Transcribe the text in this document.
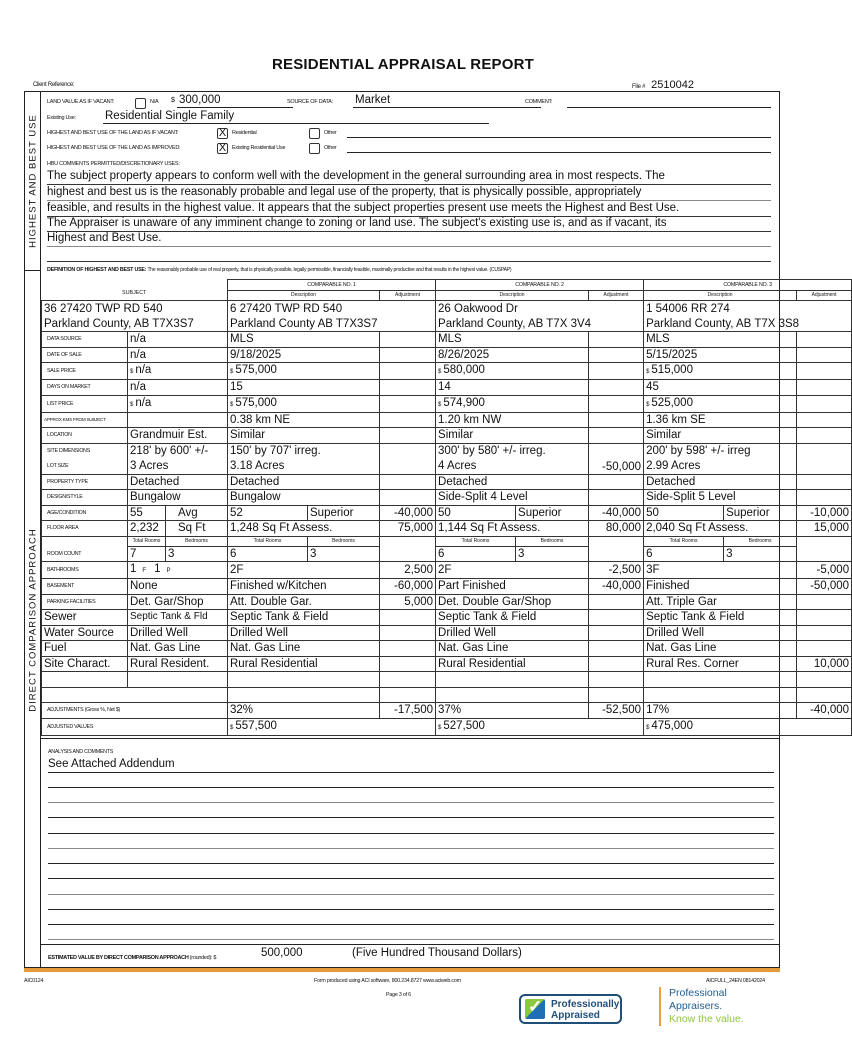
RESIDENTIAL APPRAISAL REPORT
Client Reference:	File # 2510042
HIGHEST AND BEST USE
DIRECT COMPARISON APPROACH
LAND VALUE AS IF VACANT:	N/A $ 300,000	SOURCE OF DATA: Market	COMMENT:
Existing Use:	Residential Single Family
HIGHEST AND BEST USE OF THE LAND AS IF VACANT:	X	Residential	Other
HIGHEST AND BEST USE OF THE LAND AS IMPROVED:	X	Existing Residential Use	Other
HBU COMMENTS PERMITTED/DISCRETIONARY USES:
The subject property appears to conform well with the development in the general surrounding area in most respects. The
highest and best us is the reasonably probable and legal use of the property, that is physically possible, appropriately
feasible, and results in the highest value. It appears that the subject properties present use meets the Highest and Best Use.
The Appraiser is unaware of any imminent change to zoning or land use. The subject's existing use is, and as if vacant, its
Highest and Best Use.
DEFINITION OF HIGHEST AND BEST USE: The reasonably probable use of real property, that is physically possible, legally permissible, financially feasible, maximally productive and that results in the highest value. (CUSPAP)
SUBJECT			COMPARABLE NO. 1			COMPARABLE NO. 2			COMPARABLE NO. 3		
			Description		Adjustment	Description		Adjustment	Description		Adjustment
36 27420 TWP RD 540			6 27420 TWP RD 540			26 Oakwood Dr			1 54006 RR 274		
Parkland County, AB T7X3S7			Parkland County AB T7X3S7			Parkland County, AB T7X 3V4			Parkland County, AB T7X 3S8		
DATA SOURCE	n/a		MLS			MLS			MLS		
DATE OF SALE	n/a		9/18/2025			8/26/2025			5/15/2025		
SALE PRICE	$ n/a		$ 575,000			$ 580,000			$ 515,000		
DAYS ON MARKET	n/a		15			14			45		
LIST PRICE	$ n/a		$ 575,000			$ 574,900			$ 525,000		
APPROX KMS FROM SUBJECT			0.38 km NE			1.20 km NW			1.36 km SE		
LOCATION	Grandmuir Est.		Similar			Similar			Similar		
SITE DIMENSIONS	218' by 600' +/-		150' by 707' irreg.			300' by 580' +/- irreg.		-50,000	200' by 598' +/- irreg		
LOT SIZE	3 Acres		3.18 Acres			4 Acres			2.99 Acres		
PROPERTY TYPE	Detached		Detached			Detached			Detached		
DESIGN/STYLE	Bungalow		Bungalow			Side-Split 4 Level			Side-Split 5 Level		
AGE/CONDITION	55	Avg	52	Superior	-40,000	50	Superior	-40,000	50	Superior	-10,000
FLOOR AREA	2,232	Sq Ft	1,248 Sq Ft Assess.		75,000	1,144 Sq Ft Assess.		80,000	2,040 Sq Ft Assess.		15,000
ROOM COUNT	Total Rooms	Bedrooms	Total Rooms	Bedrooms		Total Rooms	Bedrooms		Total Rooms	Bedrooms	
	7	3	6	3		6	3		6	3	
BATHROOMS	1 F 1 P		2F		2,500	2F		-2,500	3F		-5,000
BASEMENT	None		Finished w/Kitchen		-60,000	Part Finished		-40,000	Finished		-50,000
PARKING FACILITIES	Det. Gar/Shop		Att. Double Gar.		5,000	Det. Double Gar/Shop			Att. Triple Gar		
Sewer	Septic Tank & Fld		Septic Tank & Field			Septic Tank & Field			Septic Tank & Field		
Water Source	Drilled Well		Drilled Well			Drilled Well			Drilled Well		
Fuel	Nat. Gas Line		Nat. Gas Line			Nat. Gas Line			Nat. Gas Line		
Site Charact.	Rural Resident.		Rural Residential			Rural Residential			Rural Res. Corner		10,000

ADJUSTMENTS (Gross %, Net $)			32%		-17,500	37%		-52,500	17%		-40,000
ADJUSTED VALUES			$ 557,500			$ 527,500			$ 475,000		
ANALYSIS AND COMMENTS
See Attached Addendum
ESTIMATED VALUE BY DIRECT COMPARISON APPROACH (rounded): $	500,000	(Five Hundred Thousand Dollars)
AIC0124	Form produced using ACI software, 800.234.8727 www.aciweb.com	AICFULL_24EN 08142024
Page 3 of 6
✓
Professionally
Appraised
Professional
Appraisers.
Know the value.
